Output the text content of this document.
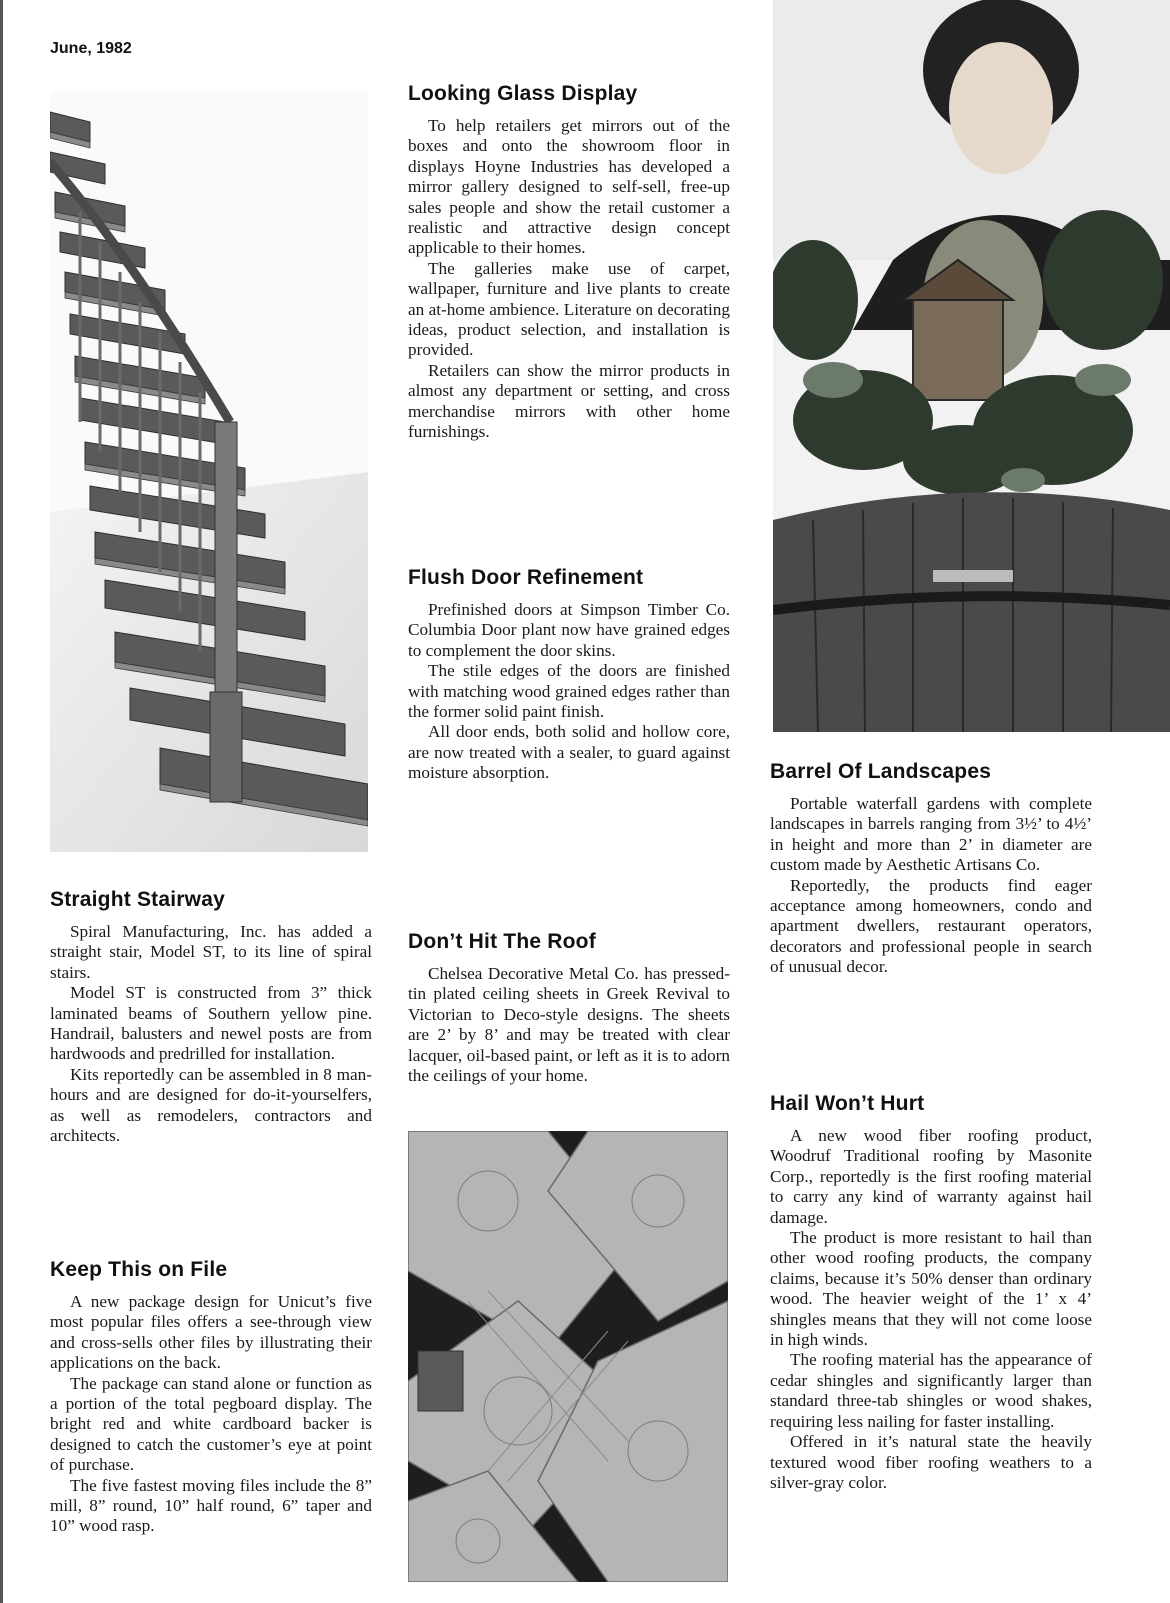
June, 1982
Looking Glass Display

To help retailers get mirrors out of the boxes and onto the showroom floor in displays Hoyne Industries has developed a mirror gallery designed to self-sell, free-up sales people and show the retail customer a realistic and attractive design concept applicable to their homes.

The galleries make use of carpet, wallpaper, furniture and live plants to create an at-home ambience. Literature on decorating ideas, product selection, and installation is provided.

Retailers can show the mirror products in almost any department or setting, and cross merchandise mirrors with other home furnishings.

Flush Door Refinement

Prefinished doors at Simpson Timber Co. Columbia Door plant now have grained edges to complement the door skins.

The stile edges of the doors are finished with matching wood grained edges rather than the former solid paint finish.

All door ends, both solid and hollow core, are now treated with a sealer, to guard against moisture absorption.

Don’t Hit The Roof

Chelsea Decorative Metal Co. has pressed-tin plated ceiling sheets in Greek Revival to Victorian to Deco-style designs. The sheets are 2’ by 8’ and may be treated with clear lacquer, oil-based paint, or left as it is to adorn the ceilings of your home.

Straight Stairway

Spiral Manufacturing, Inc. has added a straight stair, Model ST, to its line of spiral stairs.

Model ST is constructed from 3” thick laminated beams of Southern yellow pine. Handrail, balusters and newel posts are from hardwoods and predrilled for installation.

Kits reportedly can be assembled in 8 man-hours and are designed for do-it-yourselfers, as well as remodelers, contractors and architects.

Keep This on File

A new package design for Unicut’s five most popular files offers a see-through view and cross-sells other files by illustrating their applications on the back.

The package can stand alone or function as a portion of the total pegboard display. The bright red and white cardboard backer is designed to catch the customer’s eye at point of purchase.

The five fastest moving files include the 8” mill, 8” round, 10” half round, 6” taper and 10” wood rasp.

Barrel Of Landscapes

Portable waterfall gardens with complete landscapes in barrels ranging from 3½’ to 4½’ in height and more than 2’ in diameter are custom made by Aesthetic Artisans Co.

Reportedly, the products find eager acceptance among homeowners, condo and apartment dwellers, restaurant operators, decorators and professional people in search of unusual decor.

Hail Won’t Hurt

A new wood fiber roofing product, Woodruf Traditional roofing by Masonite Corp., reportedly is the first roofing material to carry any kind of warranty against hail damage.

The product is more resistant to hail than other wood roofing products, the company claims, because it’s 50% denser than ordinary wood. The heavier weight of the 1’ x 4’ shingles means that they will not come loose in high winds.

The roofing material has the appearance of cedar shingles and significantly larger than standard three-tab shingles or wood shakes, requiring less nailing for faster installing.

Offered in it’s natural state the heavily textured wood fiber roofing weathers to a silver-gray color.
